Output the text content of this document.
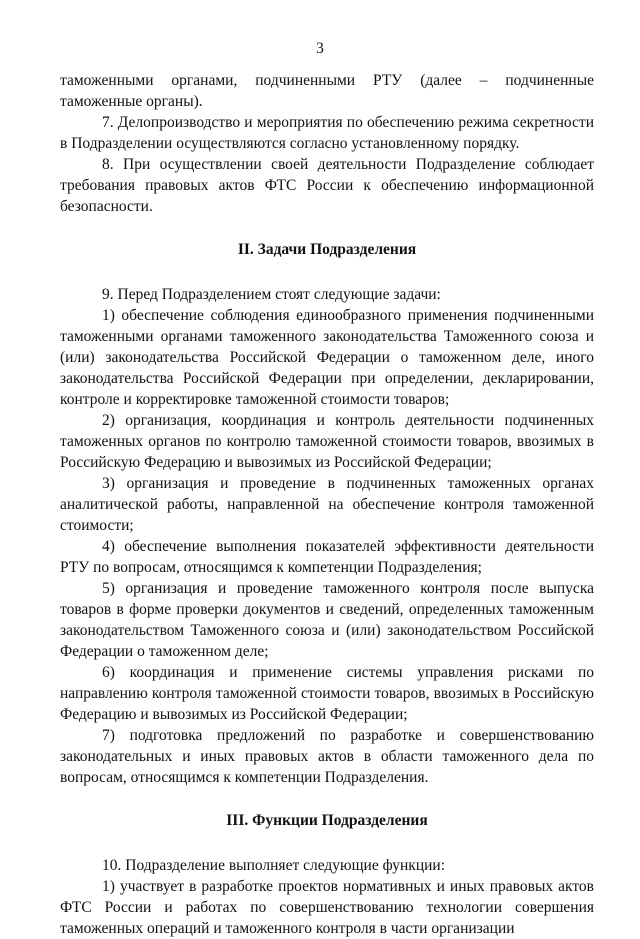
3

таможенными органами, подчиненными РТУ (далее – подчиненные таможенные органы).

7. Делопроизводство и мероприятия по обеспечению режима секретности в Подразделении осуществляются согласно установленному порядку.

8. При осуществлении своей деятельности Подразделение соблюдает требования правовых актов ФТС России к обеспечению информационной безопасности.

II. Задачи Подразделения

9. Перед Подразделением стоят следующие задачи:

1) обеспечение соблюдения единообразного применения подчиненными таможенными органами таможенного законодательства Таможенного союза и (или) законодательства Российской Федерации о таможенном деле, иного законодательства Российской Федерации при определении, декларировании, контроле и корректировке таможенной стоимости товаров;

2) организация, координация и контроль деятельности подчиненных таможенных органов по контролю таможенной стоимости товаров, ввозимых в Российскую Федерацию и вывозимых из Российской Федерации;

3) организация и проведение в подчиненных таможенных органах аналитической работы, направленной на обеспечение контроля таможенной стоимости;

4) обеспечение выполнения показателей эффективности деятельности РТУ по вопросам, относящимся к компетенции Подразделения;

5) организация и проведение таможенного контроля после выпуска товаров в форме проверки документов и сведений, определенных таможенным законодательством Таможенного союза и (или) законодательством Российской Федерации о таможенном деле;

6) координация и применение системы управления рисками по направлению контроля таможенной стоимости товаров, ввозимых в Российскую Федерацию и вывозимых из Российской Федерации;

7) подготовка предложений по разработке и совершенствованию законодательных и иных правовых актов в области таможенного дела по вопросам, относящимся к компетенции Подразделения.

III. Функции Подразделения

10. Подразделение выполняет следующие функции:

1) участвует в разработке проектов нормативных и иных правовых актов ФТС России и работах по совершенствованию технологии совершения таможенных операций и таможенного контроля в части организации
